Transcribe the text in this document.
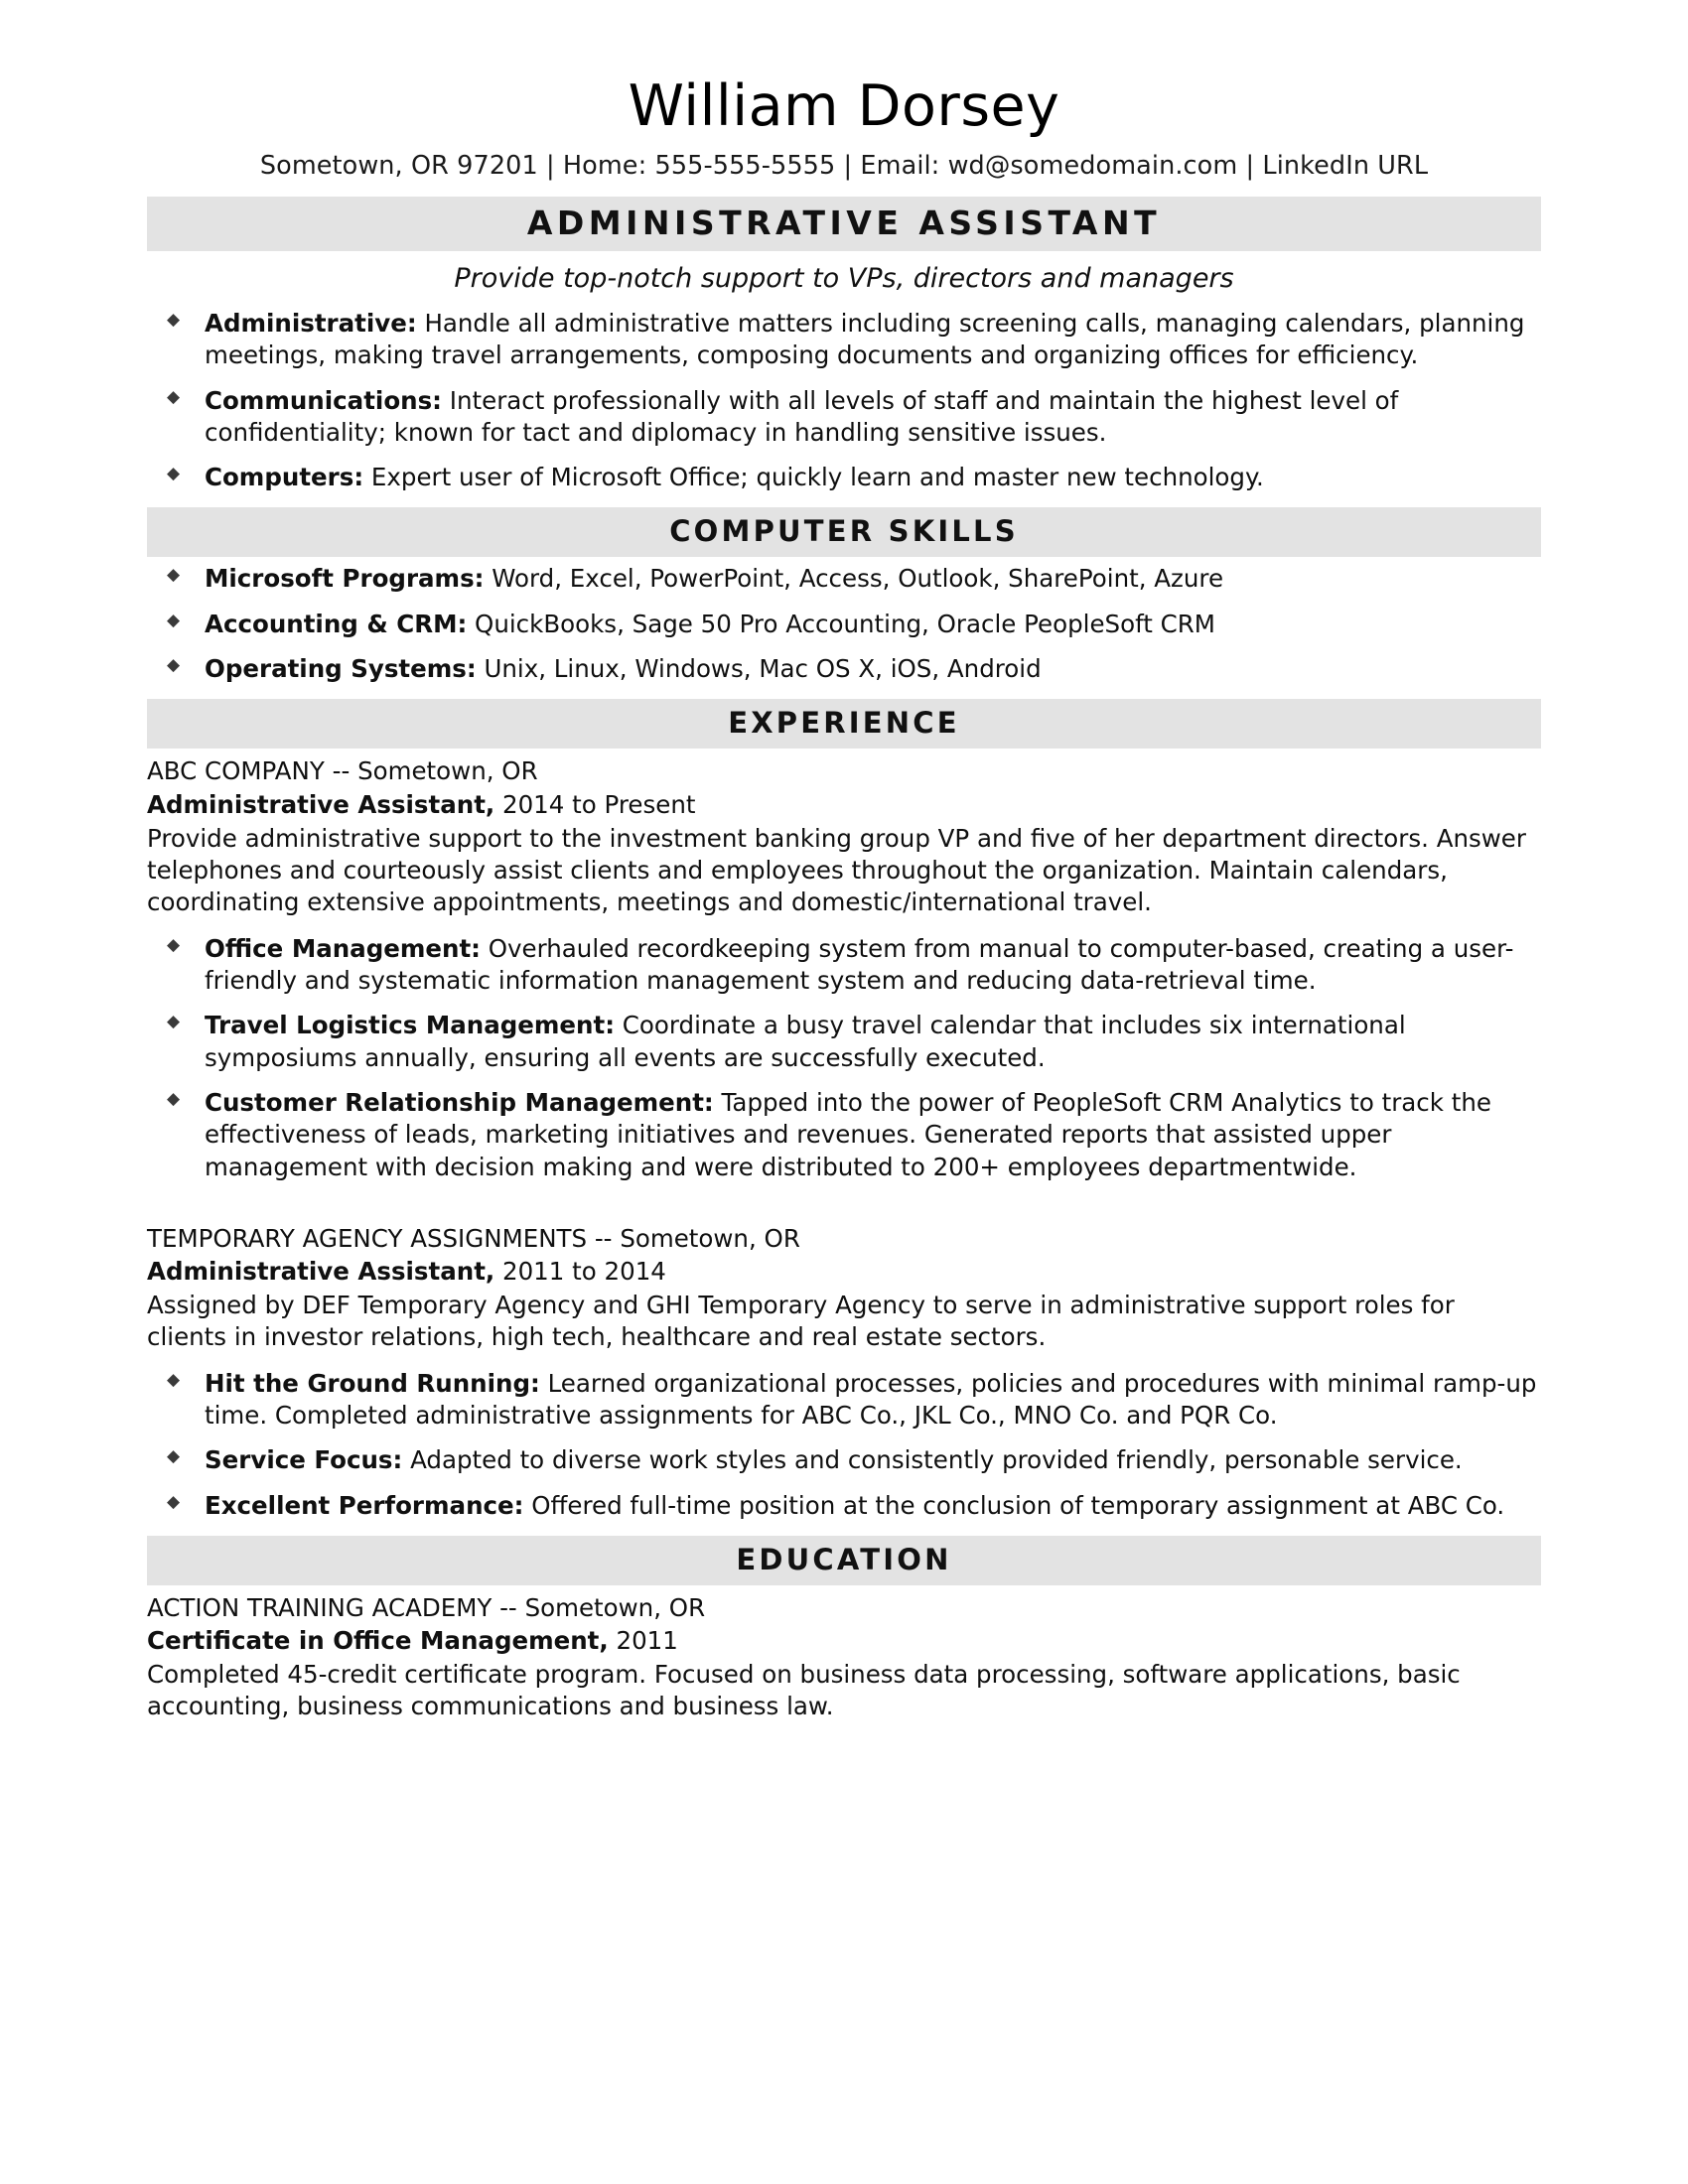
William Dorsey
Sometown, OR 97201 | Home: 555-555-5555 | Email: wd@somedomain.com | LinkedIn URL
ADMINISTRATIVE ASSISTANT
Provide top-notch support to VPs, directors and managers
◆ Administrative: Handle all administrative matters including screening calls, managing calendars, planning meetings, making travel arrangements, composing documents and organizing offices for efficiency.
◆ Communications: Interact professionally with all levels of staff and maintain the highest level of confidentiality; known for tact and diplomacy in handling sensitive issues.
◆ Computers: Expert user of Microsoft Office; quickly learn and master new technology.
COMPUTER SKILLS
◆ Microsoft Programs: Word, Excel, PowerPoint, Access, Outlook, SharePoint, Azure
◆ Accounting & CRM: QuickBooks, Sage 50 Pro Accounting, Oracle PeopleSoft CRM
◆ Operating Systems: Unix, Linux, Windows, Mac OS X, iOS, Android
EXPERIENCE

ABC COMPANY -- Sometown, OR

Administrative Assistant, 2014 to Present

Provide administrative support to the investment banking group VP and five of her department directors. Answer telephones and courteously assist clients and employees throughout the organization. Maintain calendars, coordinating extensive appointments, meetings and domestic/international travel.

◆ Office Management: Overhauled recordkeeping system from manual to computer-based, creating a user-friendly and systematic information management system and reducing data-retrieval time.
◆ Travel Logistics Management: Coordinate a busy travel calendar that includes six international symposiums annually, ensuring all events are successfully executed.
◆ Customer Relationship Management: Tapped into the power of PeopleSoft CRM Analytics to track the effectiveness of leads, marketing initiatives and revenues. Generated reports that assisted upper management with decision making and were distributed to 200+ employees departmentwide.

TEMPORARY AGENCY ASSIGNMENTS -- Sometown, OR

Administrative Assistant, 2011 to 2014

Assigned by DEF Temporary Agency and GHI Temporary Agency to serve in administrative support roles for clients in investor relations, high tech, healthcare and real estate sectors.

◆ Hit the Ground Running: Learned organizational processes, policies and procedures with minimal ramp-up time. Completed administrative assignments for ABC Co., JKL Co., MNO Co. and PQR Co.
◆ Service Focus: Adapted to diverse work styles and consistently provided friendly, personable service.
◆ Excellent Performance: Offered full-time position at the conclusion of temporary assignment at ABC Co.
EDUCATION

ACTION TRAINING ACADEMY -- Sometown, OR

Certificate in Office Management, 2011

Completed 45-credit certificate program. Focused on business data processing, software applications, basic accounting, business communications and business law.
